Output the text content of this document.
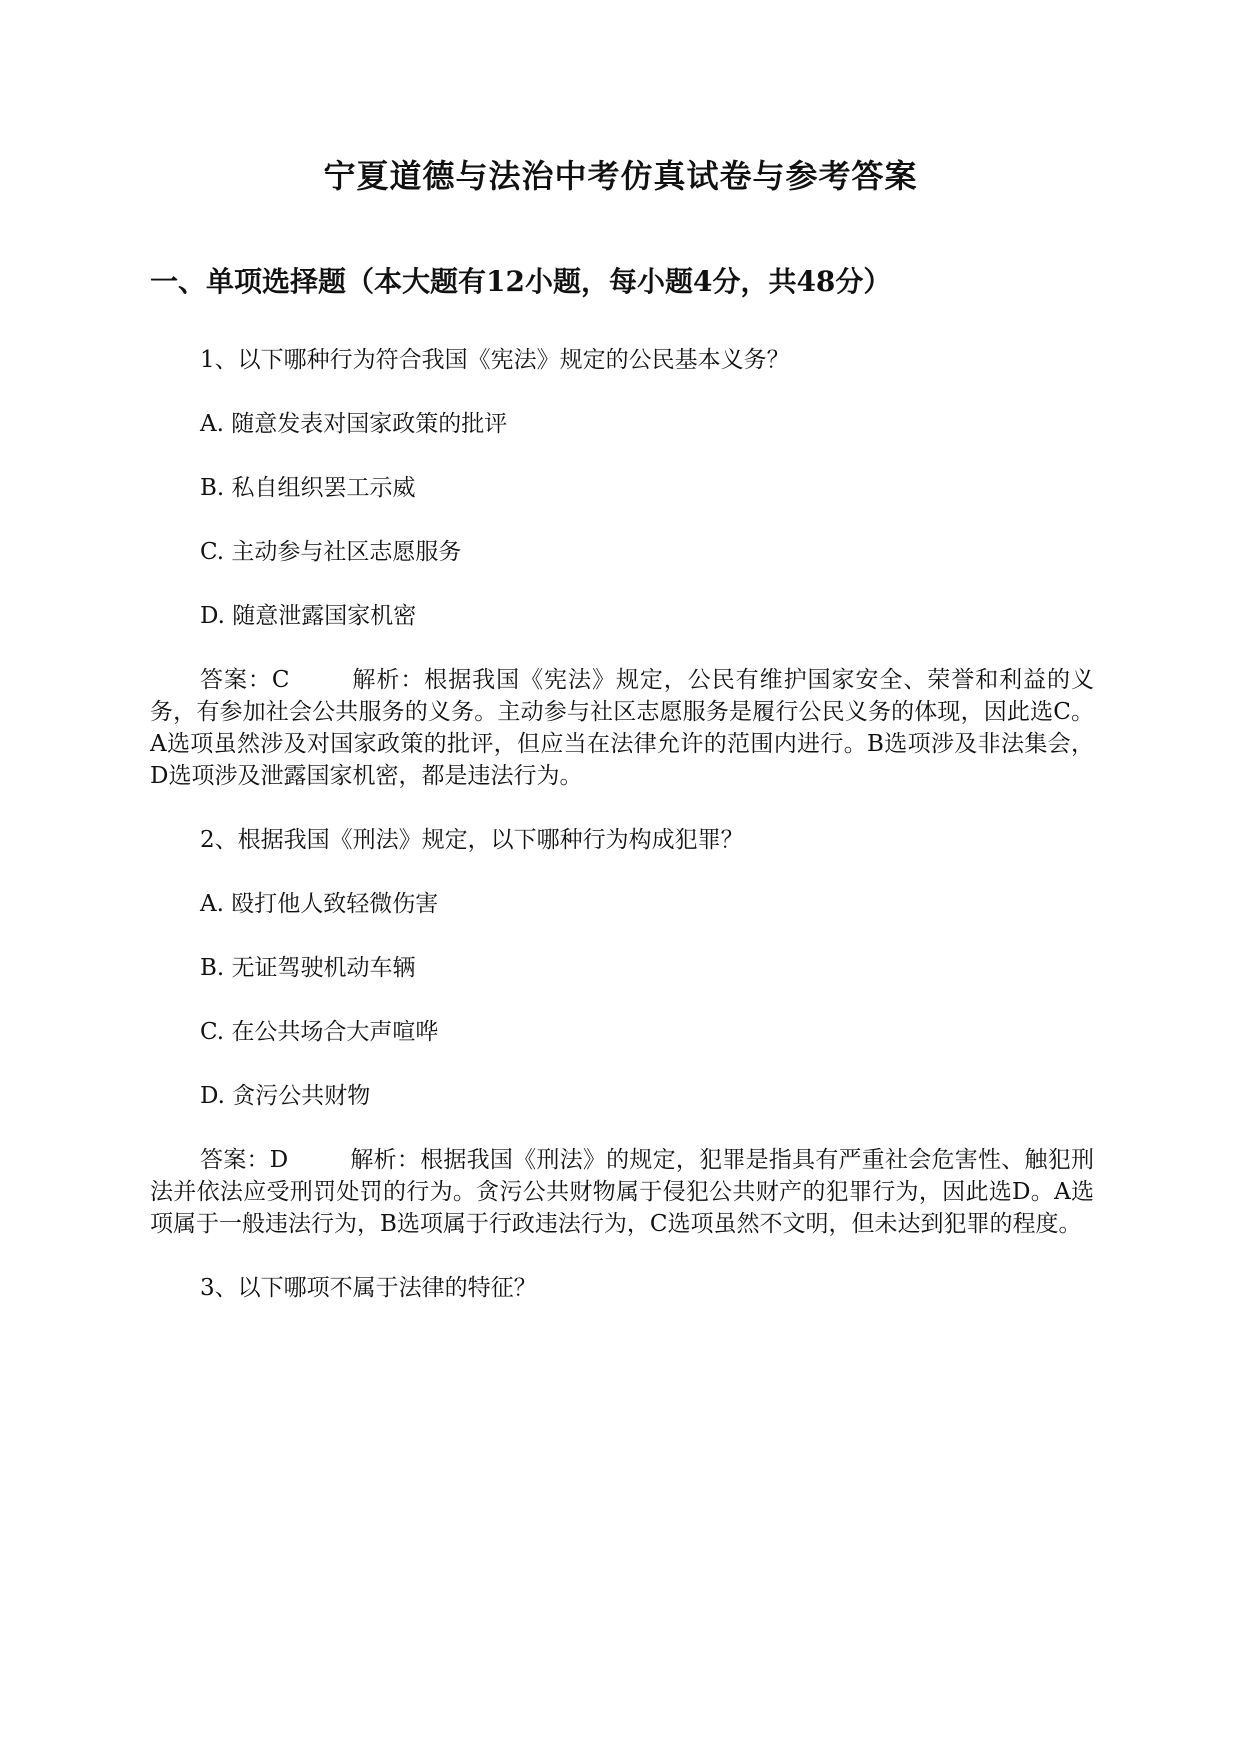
宁夏道德与法治中考仿真试卷与参考答案
一、单项选择题（本大题有12小题，每小题4分，共48分）
1、以下哪种行为符合我国《宪法》规定的公民基本义务？
A. 随意发表对国家政策的批评
B. 私自组织罢工示威
C. 主动参与社区志愿服务
D. 随意泄露国家机密
答案：C	解析：根据我国《宪法》规定，公民有维护国家安全、荣誉和利益的义务，有参加社会公共服务的义务。主动参与社区志愿服务是履行公民义务的体现，因此选C。A选项虽然涉及对国家政策的批评，但应当在法律允许的范围内进行。B选项涉及非法集会，D选项涉及泄露国家机密，都是违法行为。
2、根据我国《刑法》规定，以下哪种行为构成犯罪？
A. 殴打他人致轻微伤害
B. 无证驾驶机动车辆
C. 在公共场合大声喧哗
D. 贪污公共财物
答案：D	解析：根据我国《刑法》的规定，犯罪是指具有严重社会危害性、触犯刑法并依法应受刑罚处罚的行为。贪污公共财物属于侵犯公共财产的犯罪行为，因此选D。A选项属于一般违法行为，B选项属于行政违法行为，C选项虽然不文明，但未达到犯罪的程度。
3、以下哪项不属于法律的特征？
